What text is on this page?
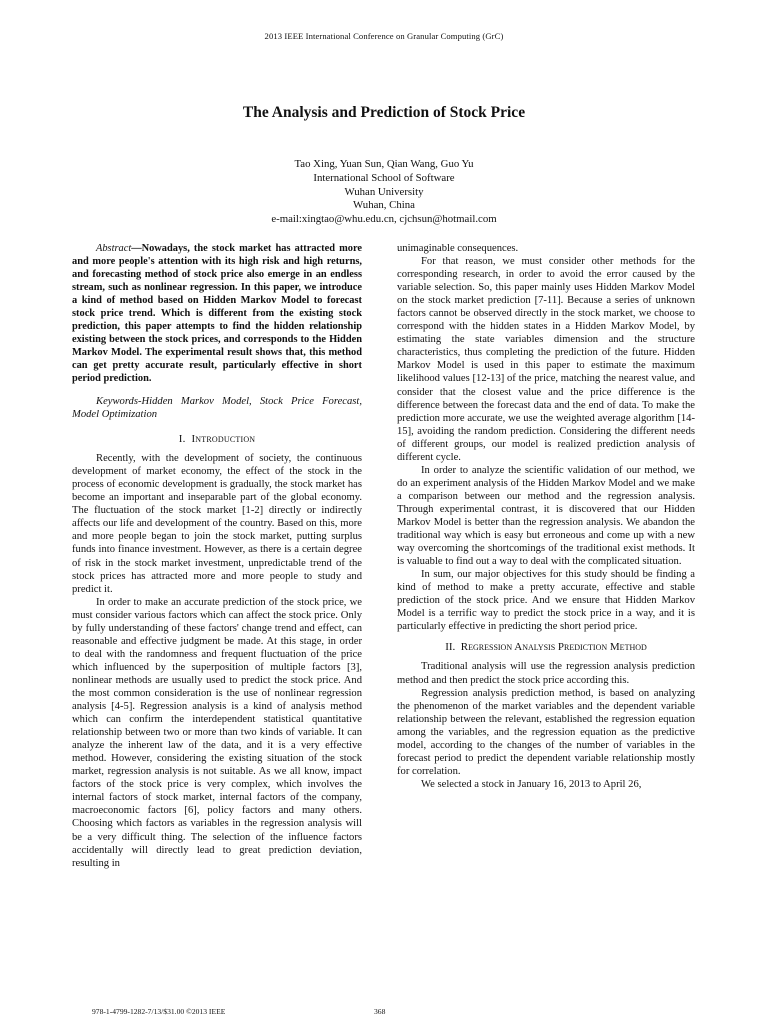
2013 IEEE International Conference on Granular Computing (GrC)
The Analysis and Prediction of Stock Price
Tao Xing, Yuan Sun, Qian Wang, Guo Yu
International School of Software
Wuhan University
Wuhan, China
e-mail:xingtao@whu.edu.cn, cjchsun@hotmail.com

Abstract—Nowadays, the stock market has attracted more and more people's attention with its high risk and high returns, and forecasting method of stock price also emerge in an endless stream, such as nonlinear regression. In this paper, we introduce a kind of method based on Hidden Markov Model to forecast stock price trend. Which is different from the existing stock prediction, this paper attempts to find the hidden relationship existing between the stock prices, and corresponds to the Hidden Markov Model. The experimental result shows that, this method can get pretty accurate result, particularly effective in short period prediction.

Keywords-Hidden Markov Model, Stock Price Forecast, Model Optimization

I. Introduction

Recently, with the development of society, the continuous development of market economy, the effect of the stock in the process of economic development is gradually, the stock market has become an important and inseparable part of the global economy. The fluctuation of the stock market [1-2] directly or indirectly affects our life and development of the country. Based on this, more and more people began to join the stock market, putting surplus funds into finance investment. However, as there is a certain degree of risk in the stock market investment, unpredictable trend of the stock prices has attracted more and more people to study and predict it.

In order to make an accurate prediction of the stock price, we must consider various factors which can affect the stock price. Only by fully understanding of these factors' change trend and effect, can reasonable and effective judgment be made. At this stage, in order to deal with the randomness and frequent fluctuation of the price which influenced by the superposition of multiple factors [3], nonlinear methods are usually used to predict the stock price. And the most common consideration is the use of nonlinear regression analysis [4-5]. Regression analysis is a kind of analysis method which can confirm the interdependent statistical quantitative relationship between two or more than two kinds of variable. It can analyze the inherent law of the data, and it is a very effective method. However, considering the existing situation of the stock market, regression analysis is not suitable. As we all know, impact factors of the stock price is very complex, which involves the internal factors of stock market, internal factors of the company, macroeconomic factors [6], policy factors and many others. Choosing which factors as variables in the regression analysis will be a very difficult thing. The selection of the influence factors accidentally will directly lead to great prediction deviation, resulting in

unimaginable consequences.

For that reason, we must consider other methods for the corresponding research, in order to avoid the error caused by the variable selection. So, this paper mainly uses Hidden Markov Model on the stock market prediction [7-11]. Because a series of unknown factors cannot be observed directly in the stock market, we choose to correspond with the hidden states in a Hidden Markov Model, by estimating the state variables dimension and the structure characteristics, thus completing the prediction of the future. Hidden Markov Model is used in this paper to estimate the maximum likelihood values [12-13] of the price, matching the nearest value, and consider that the closest value and the price difference is the difference between the forecast data and the end of data. To make the prediction more accurate, we use the weighted average algorithm [14-15], avoiding the random prediction. Considering the different needs of different groups, our model is realized prediction analysis of different cycle.

In order to analyze the scientific validation of our method, we do an experiment analysis of the Hidden Markov Model and we make a comparison between our method and the regression analysis. Through experimental contrast, it is discovered that our Hidden Markov Model is better than the regression analysis. We abandon the traditional way which is easy but erroneous and come up with a new way overcoming the shortcomings of the traditional exist methods. It is valuable to find out a way to deal with the complicated situation.

In sum, our major objectives for this study should be finding a kind of method to make a pretty accurate, effective and stable prediction of the stock price. And we ensure that Hidden Markov Model is a terrific way to predict the stock price in a way, and it is particularly effective in predicting the short period price.

II. Regression Analysis Prediction Method

Traditional analysis will use the regression analysis prediction method and then predict the stock price according this.

Regression analysis prediction method, is based on analyzing the phenomenon of the market variables and the dependent variable relationship between the relevant, established the regression equation among the variables, and the regression equation as the predictive model, according to the changes of the number of variables in the forecast period to predict the dependent variable relationship mostly for correlation.

We selected a stock in January 16, 2013 to April 26,

978-1-4799-1282-7/13/$31.00 ©2013 IEEE	368
